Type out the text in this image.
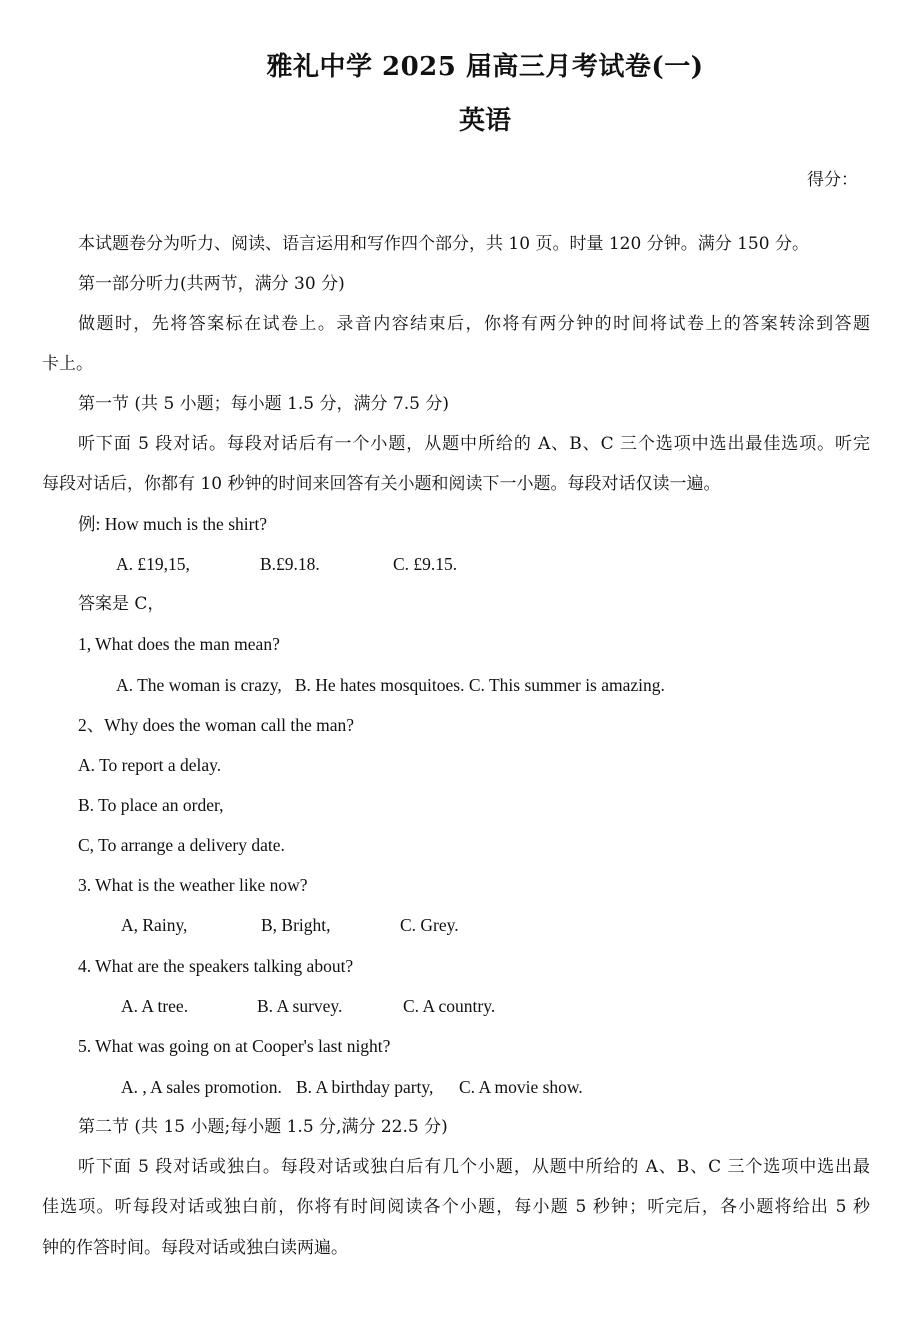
雅礼中学 2025 届高三月考试卷(一)
英语
得分：
本试题卷分为听力、阅读、语言运用和写作四个部分，共 10 页。时量 120 分钟。满分 150 分。
第一部分听力(共两节，满分 30 分)
做题时，先将答案标在试卷上。录音内容结束后，你将有两分钟的时间将试卷上的答案转涂到答题
卡上。
第一节 (共 5 小题；每小题 1.5 分，满分 7.5 分)
听下面 5 段对话。每段对话后有一个小题，从题中所给的 A、B、C 三个选项中选出最佳选项。听完
每段对话后，你都有 10 秒钟的时间来回答有关小题和阅读下一小题。每段对话仅读一遍。
例: How much is the shirt?
A. £19,15,	B.£9.18.	C. £9.15.
答案是 C，
1, What does the man mean?
A. The woman is crazy,   B. He hates mosquitoes. C. This summer is amazing.
2、Why does the woman call the man?
A. To report a delay.
B. To place an order,
C, To arrange a delivery date.
3. What is the weather like now?
A, Rainy,	B, Bright,	C. Grey.
4. What are the speakers talking about?
A. A tree.	B. A survey.	C. A country.
5. What was going on at Cooper's last night?
A. , A sales promotion. B. A birthday party, C. A movie show.
第二节 (共 15 小题;每小题 1.5 分,满分 22.5 分)
听下面 5 段对话或独白。每段对话或独白后有几个小题，从题中所给的 A、B、C 三个选项中选出最
佳选项。听每段对话或独白前，你将有时间阅读各个小题，每小题 5 秒钟；听完后，各小题将给出 5 秒
钟的作答时间。每段对话或独白读两遍。
